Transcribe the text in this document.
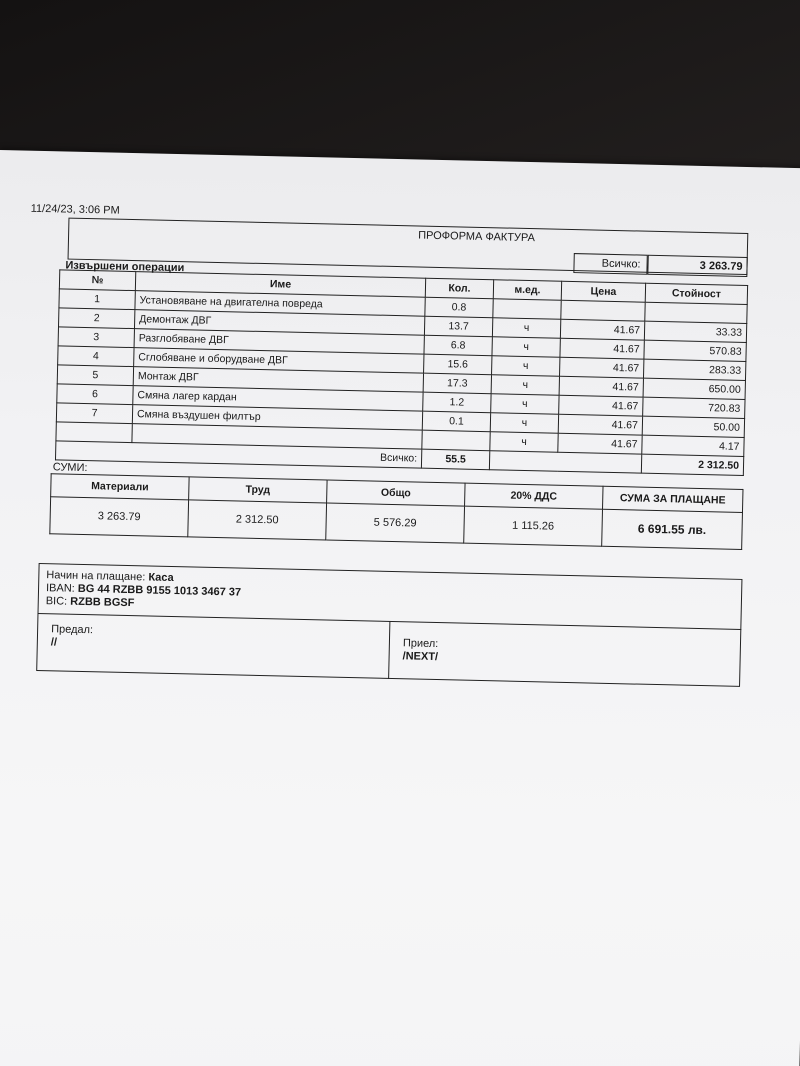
11/24/23, 3:06 PM
ПРОФОРМА ФАКТУРА
Всичко:	3 263.79
Извършени операции
№	Име	Кол.	м.ед.	Цена	Стойност
1	Установяване на двигателна повреда	0.8			
2	Демонтаж ДВГ	13.7	ч	41.67	33.33
3	Разглобяване ДВГ	6.8	ч	41.67	570.83
4	Сглобяване и оборудване ДВГ	15.6	ч	41.67	283.33
5	Монтаж ДВГ	17.3	ч	41.67	650.00
6	Смяна лагер кардан	1.2	ч	41.67	720.83
7	Смяна въздушен филтър	0.1	ч	41.67	50.00
			ч	41.67	4.17
Всичко:		55.5			2 312.50
СУМИ:
Материали	Труд	Общо	20% ДДС	СУМА ЗА ПЛАЩАНЕ
3 263.79	2 312.50	5 576.29	1 115.26	6 691.55 лв.
Начин на плащане: Каса
IBAN: BG 44 RZBB 9155 1013 3467 37
BIC: RZBB BGSF
Предал:
//	Приел:
/NEXT/
